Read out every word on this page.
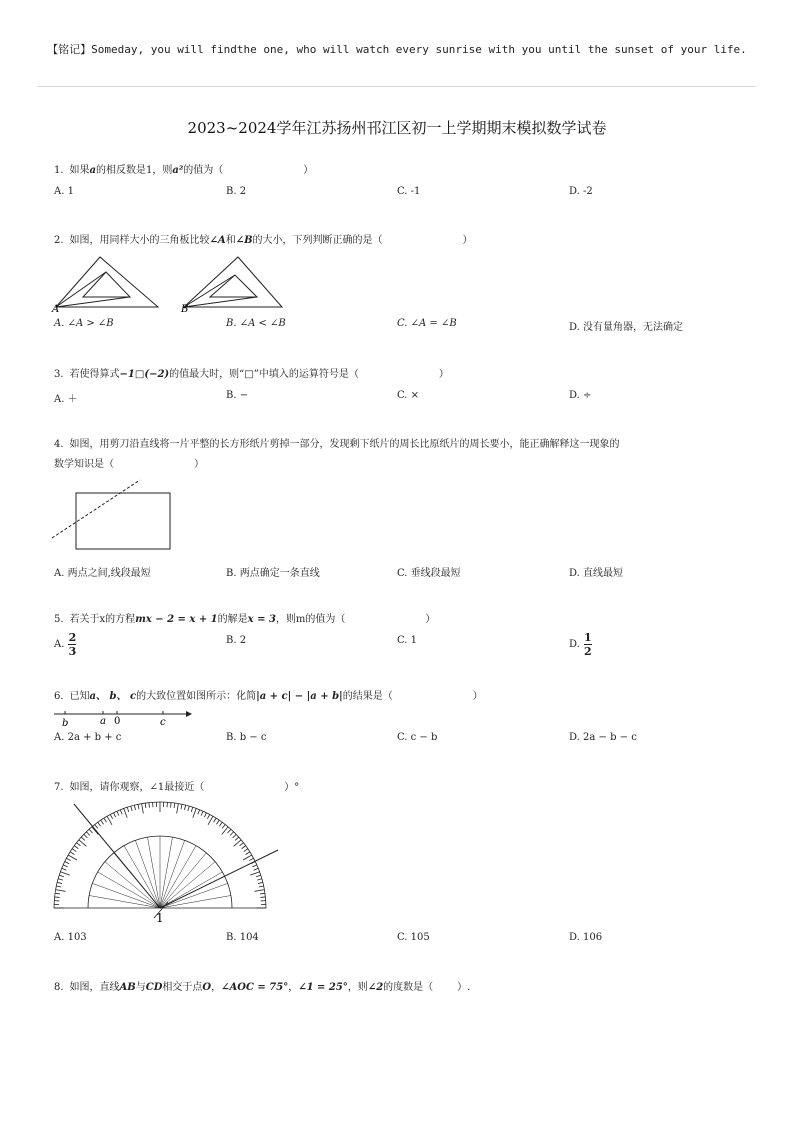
【铭记】Someday, you will findthe one, who will watch every sunrise with you until the sunset of your life.
2023~2024学年江苏扬州邗江区初一上学期期末模拟数学试卷
1. 如果a的相反数是1，则a²的值为（	）
A. 1	B. 2	C. -1	D. -2
2. 如图，用同样大小的三角板比较∠A和∠B的大小，下列判断正确的是（	）
A	B
A. ∠A > ∠B	B. ∠A < ∠B	C. ∠A = ∠B	D. 没有量角器，无法确定
3. 若使得算式−1□(−2)的值最大时，则“□”中填入的运算符号是（	）
A. ＋	B. −	C. ×	D. ÷
4. 如图，用剪刀沿直线将一片平整的长方形纸片剪掉一部分，发现剩下纸片的周长比原纸片的周长要小，能正确解释这一现象的
数学知识是（	）
A. 两点之间,线段最短	B. 两点确定一条直线	C. 垂线段最短	D. 直线最短
5. 若关于x的方程mx − 2 = x + 1的解是x = 3，则m的值为（	）
A. $\frac{2}{3}$	B. 2	C. 1	D. $\frac{1}{2}$
6. 已知a、 b、 c的大致位置如图所示：化简|a + c| − |a + b|的结果是（	）
b	a 0	c
A. 2a + b + c	B. b − c	C. c − b	D. 2a − b − c
7. 如图，请你观察，∠1最接近（	）°
1
A. 103	B. 104	C. 105	D. 106
8. 如图，直线AB与CD相交于点O，∠AOC = 75°，∠1 = 25°，则∠2的度数是（ ）.
